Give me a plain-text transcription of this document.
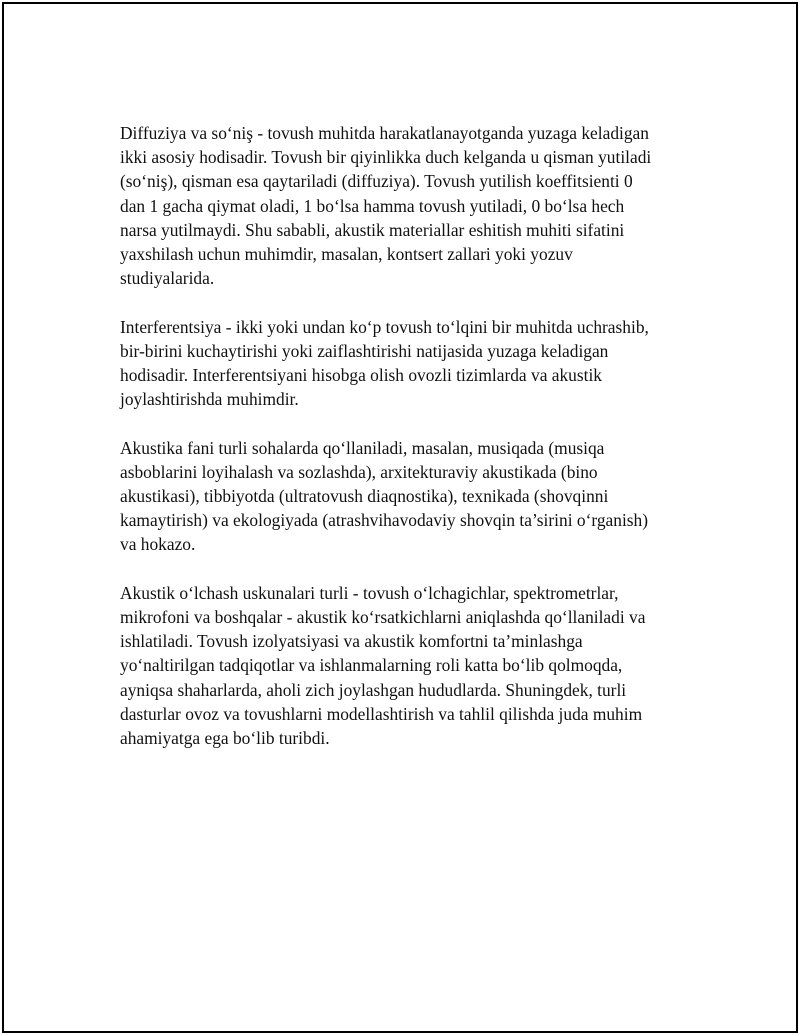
Diffuziya va so‘niş - tovush muhitda harakatlanayotganda yuzaga keladigan
ikki asosiy hodisadir. Tovush bir qiyinlikka duch kelganda u qisman yutiladi
(so‘niş), qisman esa qaytariladi (diffuziya). Tovush yutilish koeffitsienti 0
dan 1 gacha qiymat oladi, 1 bo‘lsa hamma tovush yutiladi, 0 bo‘lsa hech
narsa yutilmaydi. Shu sababli, akustik materiallar eshitish muhiti sifatini
yaxshilash uchun muhimdir, masalan, kontsert zallari yoki yozuv
studiyalarida.

Interferentsiya - ikki yoki undan ko‘p tovush to‘lqini bir muhitda uchrashib,
bir-birini kuchaytirishi yoki zaiflashtirishi natijasida yuzaga keladigan
hodisadir. Interferentsiyani hisobga olish ovozli tizimlarda va akustik
joylashtirishda muhimdir.

Akustika fani turli sohalarda qo‘llaniladi, masalan, musiqada (musiqa
asboblarini loyihalash va sozlashda), arxitekturaviy akustikada (bino
akustikasi), tibbiyotda (ultratovush diaqnostika), texnikada (shovqinni
kamaytirish) va ekologiyada (atrashvihavodaviy shovqin ta’sirini o‘rganish)
va hokazo.

Akustik o‘lchash uskunalari turli - tovush o‘lchagichlar, spektrometrlar,
mikrofoni va boshqalar - akustik ko‘rsatkichlarni aniqlashda qo‘llaniladi va
ishlatiladi. Tovush izolyatsiyasi va akustik komfortni ta’minlashga
yo‘naltirilgan tadqiqotlar va ishlanmalarning roli katta bo‘lib qolmoqda,
ayniqsa shaharlarda, aholi zich joylashgan hududlarda. Shuningdek, turli
dasturlar ovoz va tovushlarni modellashtirish va tahlil qilishda juda muhim
ahamiyatga ega bo‘lib turibdi.
